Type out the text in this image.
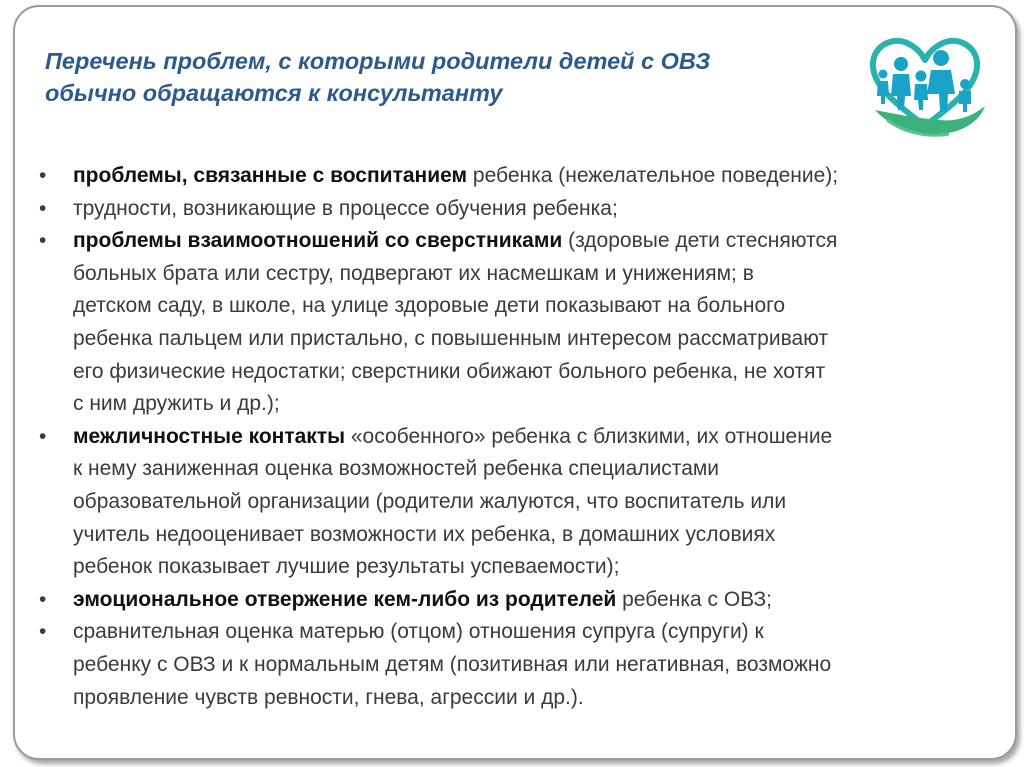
Перечень проблем, с которыми родители детей с ОВЗ
обычно обращаются к консультанту
•	проблемы, связанные с воспитанием ребенка (нежелательное поведение);
•	трудности, возникающие в процессе обучения ребенка;
•	проблемы взаимоотношений со сверстниками (здоровые дети стесняются
больных брата или сестру, подвергают их насмешкам и унижениям; в
детском саду, в школе, на улице здоровые дети показывают на больного
ребенка пальцем или пристально, с повышенным интересом рассматривают
его физические недостатки; сверстники обижают больного ребенка, не хотят
с ним дружить и др.);
•	межличностные контакты «особенного» ребенка с близкими, их отношение
к нему заниженная оценка возможностей ребенка специалистами
образовательной организации (родители жалуются, что воспитатель или
учитель недооценивает возможности их ребенка, в домашних условиях
ребенок показывает лучшие результаты успеваемости);
•	эмоциональное отвержение кем-либо из родителей ребенка с ОВЗ;
•	сравнительная оценка матерью (отцом) отношения супруга (супруги) к
ребенку с ОВЗ и к нормальным детям (позитивная или негативная, возможно
проявление чувств ревности, гнева, агрессии и др.).
